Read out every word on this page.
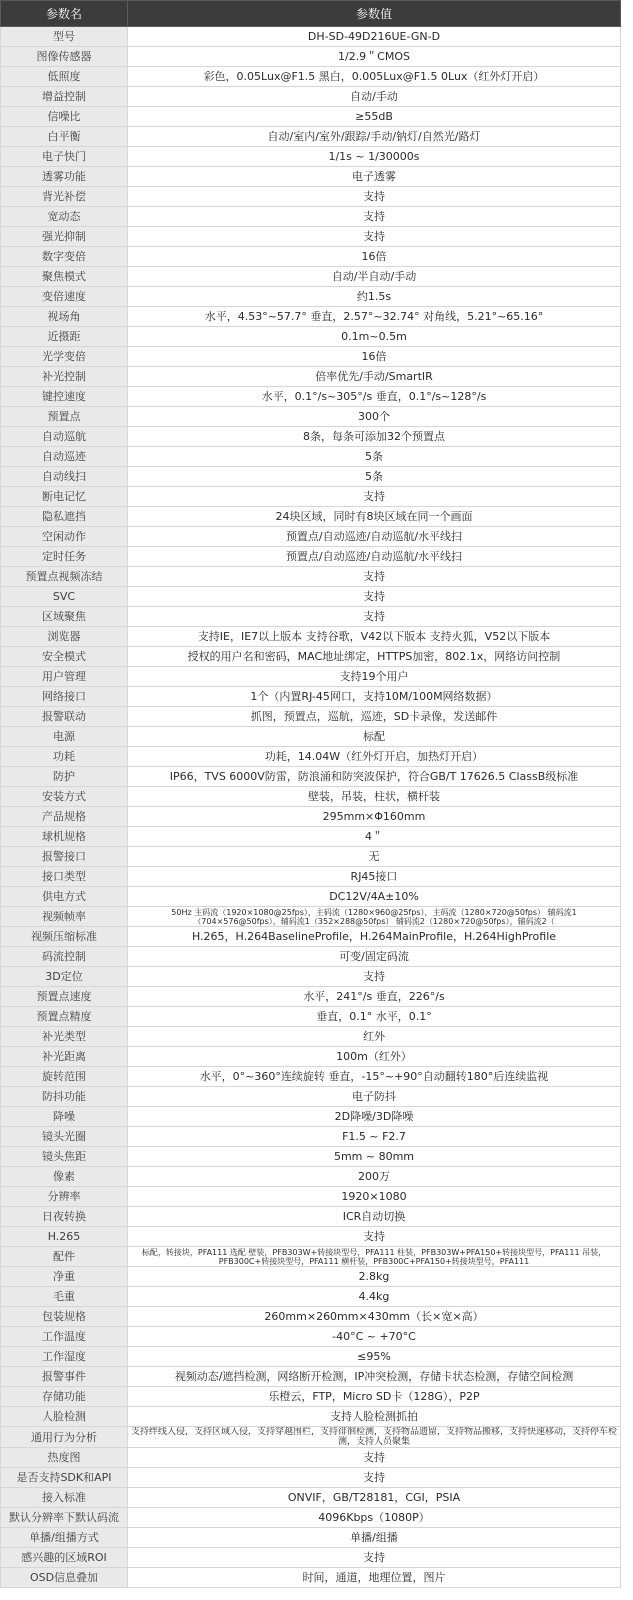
参数名	参数值
型号	DH-SD-49D216UE-GN-D
图像传感器	1/2.9＂CMOS
低照度	彩色，0.05Lux@F1.5 黑白，0.005Lux@F1.5 0Lux（红外灯开启）
增益控制	自动/手动
信噪比	≥55dB
白平衡	自动/室内/室外/跟踪/手动/钠灯/自然光/路灯
电子快门	1/1s ~ 1/30000s
透雾功能	电子透雾
背光补偿	支持
宽动态	支持
强光抑制	支持
数字变倍	16倍
聚焦模式	自动/半自动/手动
变倍速度	约1.5s
视场角	水平，4.53°~57.7° 垂直，2.57°~32.74° 对角线，5.21°~65.16°
近摄距	0.1m~0.5m
光学变倍	16倍
补光控制	倍率优先/手动/SmartIR
键控速度	水平，0.1°/s~305°/s 垂直，0.1°/s~128°/s
预置点	300个
自动巡航	8条，每条可添加32个预置点
自动巡迹	5条
自动线扫	5条
断电记忆	支持
隐私遮挡	24块区域，同时有8块区域在同一个画面
空闲动作	预置点/自动巡迹/自动巡航/水平线扫
定时任务	预置点/自动巡迹/自动巡航/水平线扫
预置点视频冻结	支持
SVC	支持
区域聚焦	支持
浏览器	支持IE，IE7以上版本 支持谷歌，V42以下版本 支持火狐，V52以下版本
安全模式	授权的用户名和密码，MAC地址绑定，HTTPS加密，802.1x，网络访问控制
用户管理	支持19个用户
网络接口	1个（内置RJ-45网口，支持10M/100M网络数据）
报警联动	抓图，预置点，巡航，巡迹，SD卡录像，发送邮件
电源	标配
功耗	功耗，14.04W（红外灯开启，加热灯开启）
防护	IP66，TVS 6000V防雷，防浪涌和防突波保护，符合GB/T 17626.5 ClassB级标准
安装方式	壁装，吊装，柱状，横杆装
产品规格	295mm×Φ160mm
球机规格	4＂
报警接口	无
接口类型	RJ45接口
供电方式	DC12V/4A±10%
视频帧率	50Hz 主码流（1920×1080@25fps），主码流（1280×960@25fps），主码流（1280×720@50fps） 辅码流1（704×576@50fps），辅码流1（352×288@50fps） 辅码流2（1280×720@50fps），辅码流2（
视频压缩标准	H.265，H.264BaselineProfile，H.264MainProfile，H.264HighProfile
码流控制	可变/固定码流
3D定位	支持
预置点速度	水平，241°/s 垂直，226°/s
预置点精度	垂直，0.1° 水平，0.1°
补光类型	红外
补光距离	100m（红外）
旋转范围	水平，0°~360°连续旋转 垂直，-15°~+90°自动翻转180°后连续监视
防抖功能	电子防抖
降噪	2D降噪/3D降噪
镜头光圈	F1.5 ~ F2.7
镜头焦距	5mm ~ 80mm
像素	200万
分辨率	1920×1080
日夜转换	ICR自动切换
H.265	支持
配件	标配，转接块，PFA111 选配 壁装，PFB303W+转接块型号，PFA111 柱装，PFB303W+PFA150+转接块型号，PFA111 吊装，PFB300C+转接块型号，PFA111 横杆装，PFB300C+PFA150+转接块型号，PFA111
净重	2.8kg
毛重	4.4kg
包装规格	260mm×260mm×430mm（长×宽×高）
工作温度	-40°C ~ +70°C
工作湿度	≤95%
报警事件	视频动态/遮挡检测，网络断开检测，IP冲突检测，存储卡状态检测，存储空间检测
存储功能	乐橙云，FTP，Micro SD卡（128G），P2P
人脸检测	支持人脸检测抓拍
通用行为分析	支持绊线入侵，支持区域入侵，支持穿越围栏，支持徘徊检测，支持物品遗留，支持物品搬移，支持快速移动，支持停车检测，支持人员聚集
热度图	支持
是否支持SDK和API	支持
接入标准	ONVIF，GB/T28181，CGI，PSIA
默认分辨率下默认码流	4096Kbps（1080P）
单播/组播方式	单播/组播
感兴趣的区域ROI	支持
OSD信息叠加	时间，通道，地理位置，图片
